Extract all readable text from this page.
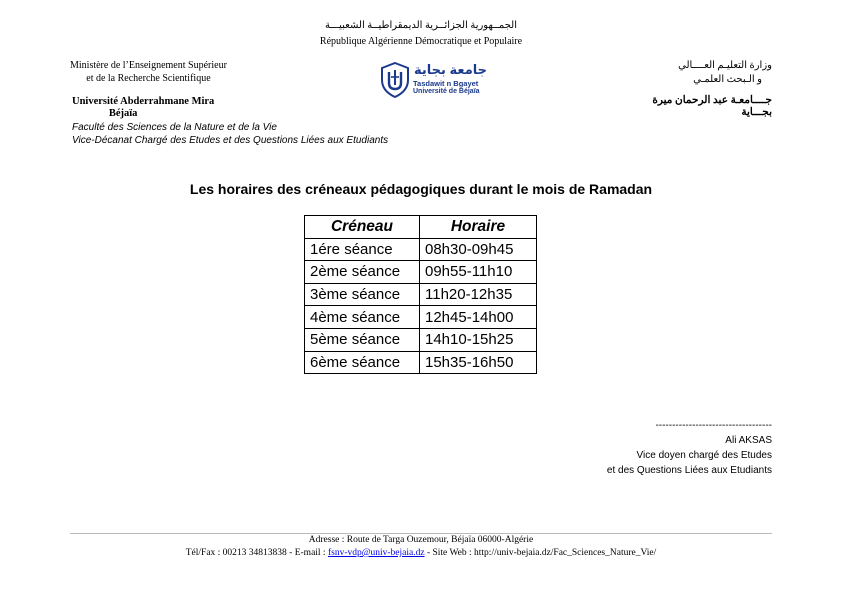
الجمــهورية الجزائــرية الديمقراطيــة الشعبيـــة
République Algérienne Démocratique et Populaire
Ministère de l’Enseignement Supérieur
et de la Recherche Scientifique
Université Abderrahmane Mira
Béjaïa
Faculté des Sciences de la Nature et de la Vie
Vice-Décanat Chargé des Etudes et des Questions Liées aux Etudiants
وزارة التعليـم العــــالي
و الـبحث العلمـي
جــــامعـة عبد الرحمان ميرة
بجـــاية
جامعة بجاية
Tasdawit n Bgayet
Université de Béjaïa
Les horaires des créneaux pédagogiques durant le mois de Ramadan
Créneau	Horaire
1ére séance	08h30-09h45
2ème séance	09h55-11h10
3ème séance	11h20-12h35
4ème séance	12h45-14h00
5ème séance	14h10-15h25
6ème séance	15h35-16h50
-----------------------------------
Ali AKSAS
Vice doyen chargé des Etudes
et des Questions Liées aux Etudiants
Adresse : Route de Targa Ouzemour, Béjaïa 06000-Algérie
Tél/Fax : 00213 34813838 - E-mail : fsnv-vdp@univ-bejaia.dz - Site Web : http://univ-bejaia.dz/Fac_Sciences_Nature_Vie/
